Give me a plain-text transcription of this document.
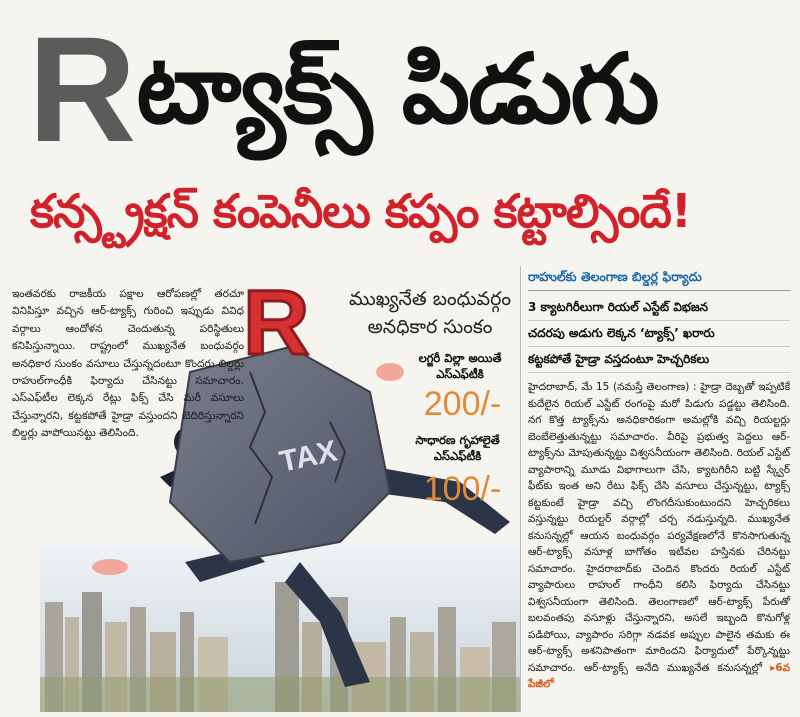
R ట్యాక్స్ పిడుగు
కన్స్ట్రక్షన్ కంపెనీలు కప్పం కట్టాల్సిందే!
TAX
R ముఖ్యనేత బంధువర్గం అనధికార సుంకం
లగ్జరీ విల్లా అయితే ఎస్‌ఎఫ్‌టీకి
200/-
సాధారణ గృహాలైతే ఎస్‌ఎఫ్‌టీకి
100/-
ఇంతవరకు రాజకీయ పక్షాల ఆరోపణల్లో తరచూ వినిపిస్తూ వచ్చిన ఆర్‌-ట్యాక్స్‌ గురించి ఇప్పుడు వివిధ వర్గాలు ఆందోళన చెందుతున్న పరిస్థితులు కనిపిస్తున్నాయి. రాష్ట్రంలో ముఖ్యనేత బంధువర్గం అనధికార సుంకం వసూలు చేస్తున్నదంటూ కొందరు బిల్డర్లు రాహుల్‌గాంధీకి ఫిర్యాదు చేసినట్టు సమాచారం. ఎస్‌ఎఫ్‌టీల లెక్కన రేట్లు ఫిక్స్‌ చేసి మరీ వసూలు చేస్తున్నారని, కట్టకపోతే హైడ్రా వస్తుందని బెదిరిస్తున్నారని బిల్డర్లు వాపోయినట్టు తెలిసింది.
రాహుల్‌కు తెలంగాణ బిల్డర్ల ఫిర్యాదు
3 క్యాటగిరీలుగా రియల్‌ ఎస్టేట్‌ విభజన
చదరపు అడుగు లెక్కన ‘ట్యాక్స్‌’ ఖరారు
కట్టకపోతే హైడ్రా వస్తదంటూ హెచ్చరికలు
హైదరాబాద్‌, మే 15 (నమస్తే తెలంగాణ) : హైడ్రా దెబ్బతో ఇప్పటికే కుదేలైన రియల్‌ ఎస్టేట్‌ రంగంపై మరో పిడుగు పడ్డట్టు తెలిసింది. నగ కొత్త ట్యాక్స్‌ను అనధికారికంగా అమల్లోకి వచ్చి రియల్టర్లు బెంబేలెత్తుతున్నట్టు సమాచారం. వీరిపై ప్రభుత్వ పెద్దలు ఆర్‌-ట్యాక్స్‌ను మోపుతున్నట్టు విశ్వసనీయంగా తెలిసింది. రియల్‌ ఎస్టేట్‌ వ్యాపారాన్ని మూడు విభాగాలుగా చేసి, క్యాటగిరీని బట్టి స్క్వేర్‌ ఫీట్‌కు ఇంత అని రేటు ఫిక్స్‌ చేసి వసూలు చేస్తున్నట్టు, ట్యాక్స్‌ కట్టకుంటే హైడ్రా వచ్చి లొంగదీసుకుంటుందని హెచ్చరికలు వస్తున్నట్టు రియల్టర్‌ వర్గాల్లో చర్చ నడుస్తున్నది. ముఖ్యనేత కనుసన్నల్లో ఆయన బంధువర్గం పర్యవేక్షణలోనే కొనసాగుతున్న ఆర్‌-ట్యాక్స్‌ వసూళ్ల బాగోతం ఇటీవల హస్తినకు చేరినట్టు సమాచారం. హైదరాబాద్‌కు చెందిన కొందరు రియల్‌ ఎస్టేట్‌ వ్యాపారులు రాహుల్‌ గాంధీని కలిసి ఫిర్యాదు చేసినట్టు విశ్వసనీయంగా తెలిసింది. తెలంగాణలో ఆర్‌-ట్యాక్స్‌ పేరుతో బలవంతపు వసూళ్లు చేస్తున్నారని, అసలే ఇబ్బంది కొనుగోళ్ల పడిపోయి, వ్యాపారం సరిగ్గా నడవక అప్పుల పాలైన తమకు ఈ ఆర్‌-ట్యాక్స్‌ అశనిపాతంగా మారిందని ఫిర్యాదులో పేర్కొన్నట్టు సమాచారం. ఆర్‌-ట్యాక్స్‌ అనేది ముఖ్యనేత కనుసన్నల్లో ▸6వ పేజీలో
